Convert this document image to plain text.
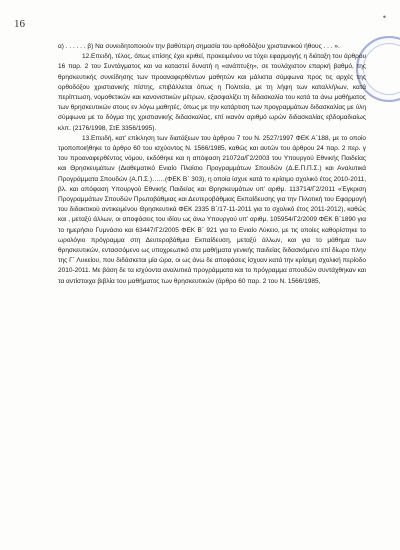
16
•

α) . . . . . . β) Να συνειδητοποιούν την βαθύτερη σημασία του ορθοδόξου χριστιανικού ήθους . . . ».

12.Επειδή, τέλος, όπως επίσης έχει κριθεί, προκειμένου να τύχει εφαρμογής η διάταξη του άρθρου 16 παρ. 2 του Συντάγματος και να καταστεί δυνατή η «ανάπτυξη», σε τουλάχιστον επαρκή βαθμό, της θρησκευτικής συνείδησης των προαναφερθέντων μαθητών και μάλιστα σύμφωνα προς τις αρχές της ορθοδόξου χριστιανικής πίστης, επιβάλλεται όπως η Πολιτεία, με τη λήψη των καταλλήλων, κατά περίπτωση, νομοθετικών και κανονιστικών μέτρων, εξασφαλίζει τη διδασκαλία του κατά τα άνω μαθήματος των θρησκευτικών στους εν λόγω μαθητές, όπως με την κατάρτιση των προγραμμάτων διδασκαλίας με ύλη σύμφωνα με το δόγμα της χριστιανικής διδασκαλίας, επί ικανόν αριθμό ωρών διδασκαλίας εβδομαδιαίως κλπ. (2176/1998, ΣτΕ 3356/1995).

13.Επειδή, κατ’ επίκληση των διατάξεων του άρθρου 7 του Ν. 2527/1997 ΦΕΚ Α΄188, με το οποίο τροποποιήθηκε το άρθρο 60 του ισχύοντος Ν. 1566/1985, καθώς και αυτών του άρθρου 24 παρ. 2 περ. γ του προαναφερθέντος νόμου, εκδόθηκε και η απόφαση 21072α/Γ2/2003 του Υπουργού Εθνικής Παιδείας και Θρησκευμάτων (Διαθεματικό Ενιαίο Πλαίσιο Προγραμμάτων Σπουδών (Δ.Ε.Π.Π.Σ.) και Αναλυτικά Προγράμματα Σπουδών (Α.Π.Σ.)……(ΦΕΚ Β΄ 303), η οποία ίσχυε κατά το κρίσιμο σχολικό έτος 2010-2011, βλ. και απόφαση Υπουργού Εθνικής Παιδείας και Θρησκευμάτων υπ’ αριθμ. 113714/Γ2/2011 «Έγκριση Προγραμμάτων Σπουδών Πρωτοβάθμιας και Δευτεροβάθμιας Εκπαίδευσης για την Πιλοτική του Εφαρμογή του διδακτικού αντικειμένου Θρησκευτικά ΦΕΚ 2335 Β΄/17-11-2011 για το σχολικό έτος 2011-2012), καθώς και , μεταξύ άλλων, οι αποφάσεις του ιδίου ως άνω Υπουργού υπ’ αριθμ. 105954/Γ2/2009 ΦΕΚ Β΄1890 για το ημερήσιο Γυμνάσιο και 63447/Γ2/2005 ΦΕΚ Β΄ 921 για το Ενιαίο Λύκειο, με τις οποίες καθορίστηκε το ωρολόγιο πρόγραμμα στη Δευτεροβάθμια Εκπαίδευση, μεταξύ άλλων, και για το μάθημα των θρησκευτικών, εντασσόμενο ως υποχρεωτικό στα μαθήματα γενικής παιδείας διδασκόμενο επί δίωρο πλην της Γ΄ Λυκείου, που διδάσκεται μία ώρα, οι ως άνω δε αποφάσεις ίσχυαν κατά την κρίσιμη σχολική περίοδο 2010-2011. Με βάση δε τα ισχύοντα αναλυτικά προγράμματα και το πρόγραμμα σπουδών συντάχθηκαν και τα αντίστοιχα βιβλία του μαθήματος των θρησκευτικών (άρθρο 60 παρ. 2 του Ν. 1566/1985,
